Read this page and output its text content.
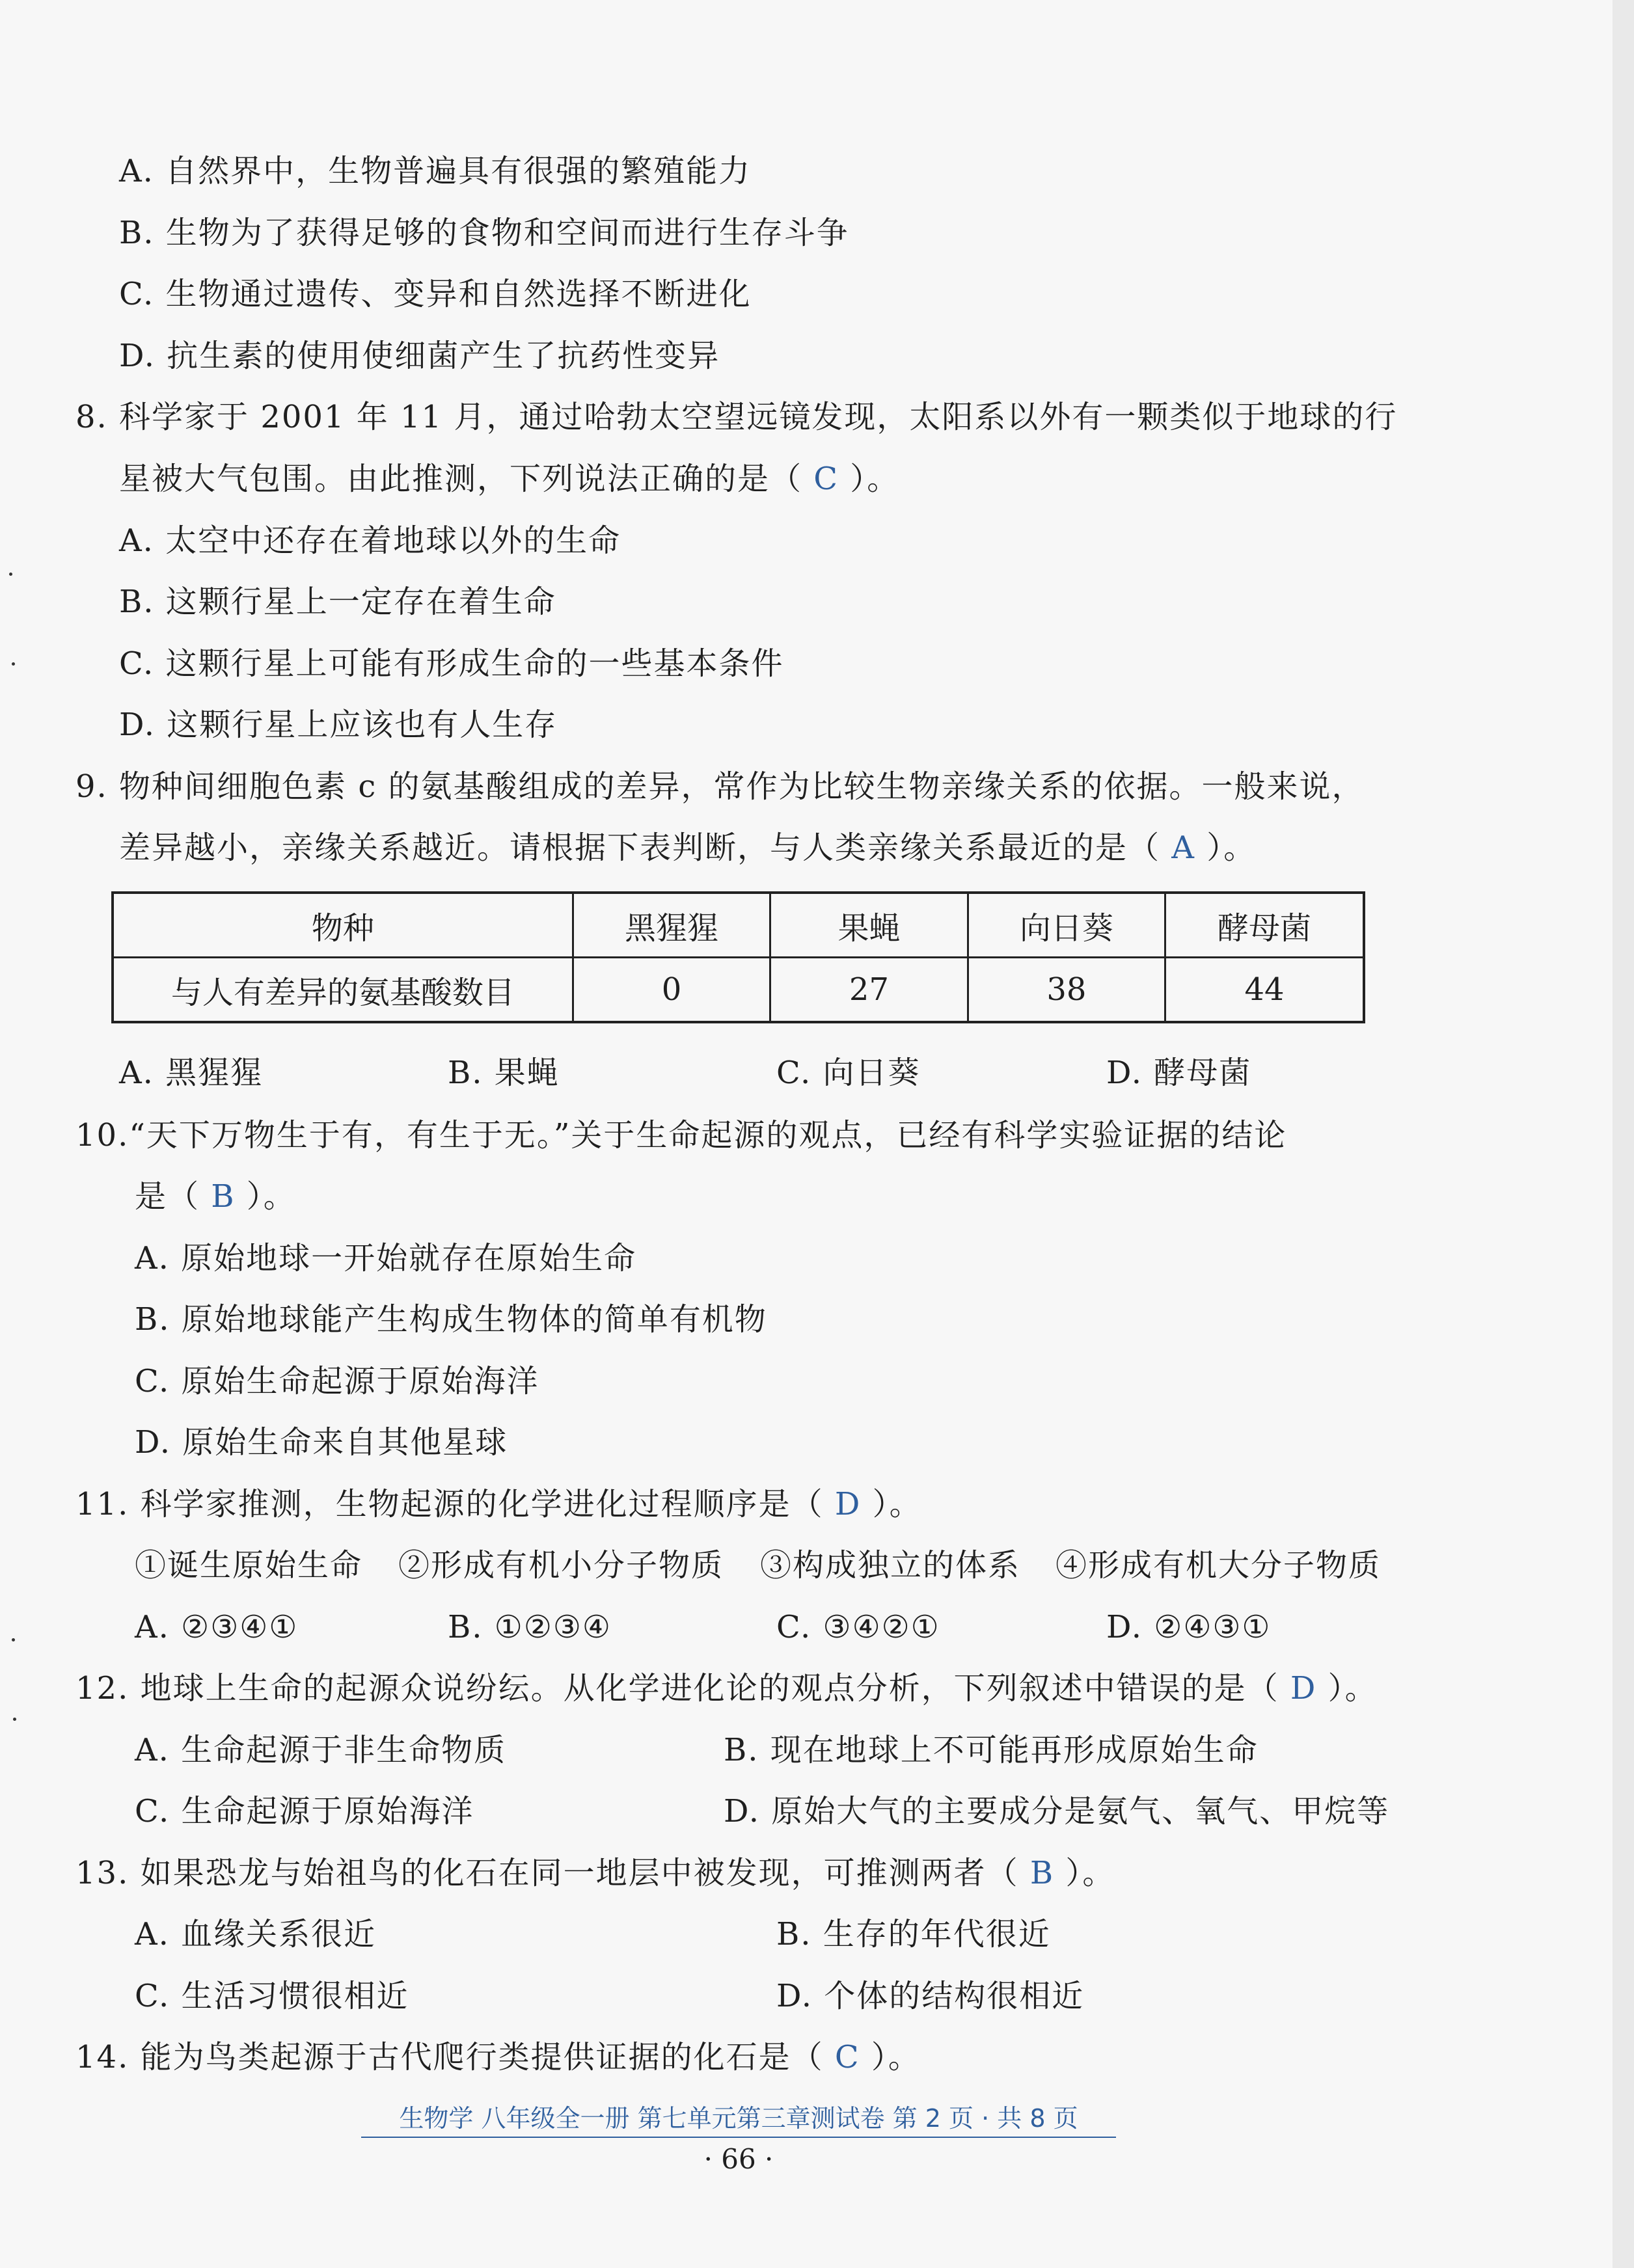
A. 自然界中，生物普遍具有很强的繁殖能力
B. 生物为了获得足够的食物和空间而进行生存斗争
C. 生物通过遗传、变异和自然选择不断进化
D. 抗生素的使用使细菌产生了抗药性变异
8. 科学家于 2001 年 11 月，通过哈勃太空望远镜发现，太阳系以外有一颗类似于地球的行
星被大气包围。由此推测，下列说法正确的是（ C ）。
A. 太空中还存在着地球以外的生命
B. 这颗行星上一定存在着生命
C. 这颗行星上可能有形成生命的一些基本条件
D. 这颗行星上应该也有人生存
9. 物种间细胞色素 c 的氨基酸组成的差异，常作为比较生物亲缘关系的依据。一般来说，
差异越小，亲缘关系越近。请根据下表判断，与人类亲缘关系最近的是（ A ）。
物种	黑猩猩	果蝇	向日葵	酵母菌
与人有差异的氨基酸数目	0	27	38	44
A. 黑猩猩	B. 果蝇	C. 向日葵	D. 酵母菌
10.“天下万物生于有，有生于无。”关于生命起源的观点，已经有科学实验证据的结论
是（ B ）。
A. 原始地球一开始就存在原始生命
B. 原始地球能产生构成生物体的简单有机物
C. 原始生命起源于原始海洋
D. 原始生命来自其他星球
11. 科学家推测，生物起源的化学进化过程顺序是（ D ）。
①诞生原始生命 ②形成有机小分子物质 ③构成独立的体系 ④形成有机大分子物质
A. ②③④①	B. ①②③④	C. ③④②①	D. ②④③①
12. 地球上生命的起源众说纷纭。从化学进化论的观点分析，下列叙述中错误的是（ D ）。
A. 生命起源于非生命物质	B. 现在地球上不可能再形成原始生命
C. 生命起源于原始海洋	D. 原始大气的主要成分是氨气、氧气、甲烷等
13. 如果恐龙与始祖鸟的化石在同一地层中被发现，可推测两者（ B ）。
A. 血缘关系很近	B. 生存的年代很近
C. 生活习惯很相近	D. 个体的结构很相近
14. 能为鸟类起源于古代爬行类提供证据的化石是（ C ）。
生物学 八年级全一册 第七单元第三章测试卷 第 2 页 · 共 8 页
· 66 ·
